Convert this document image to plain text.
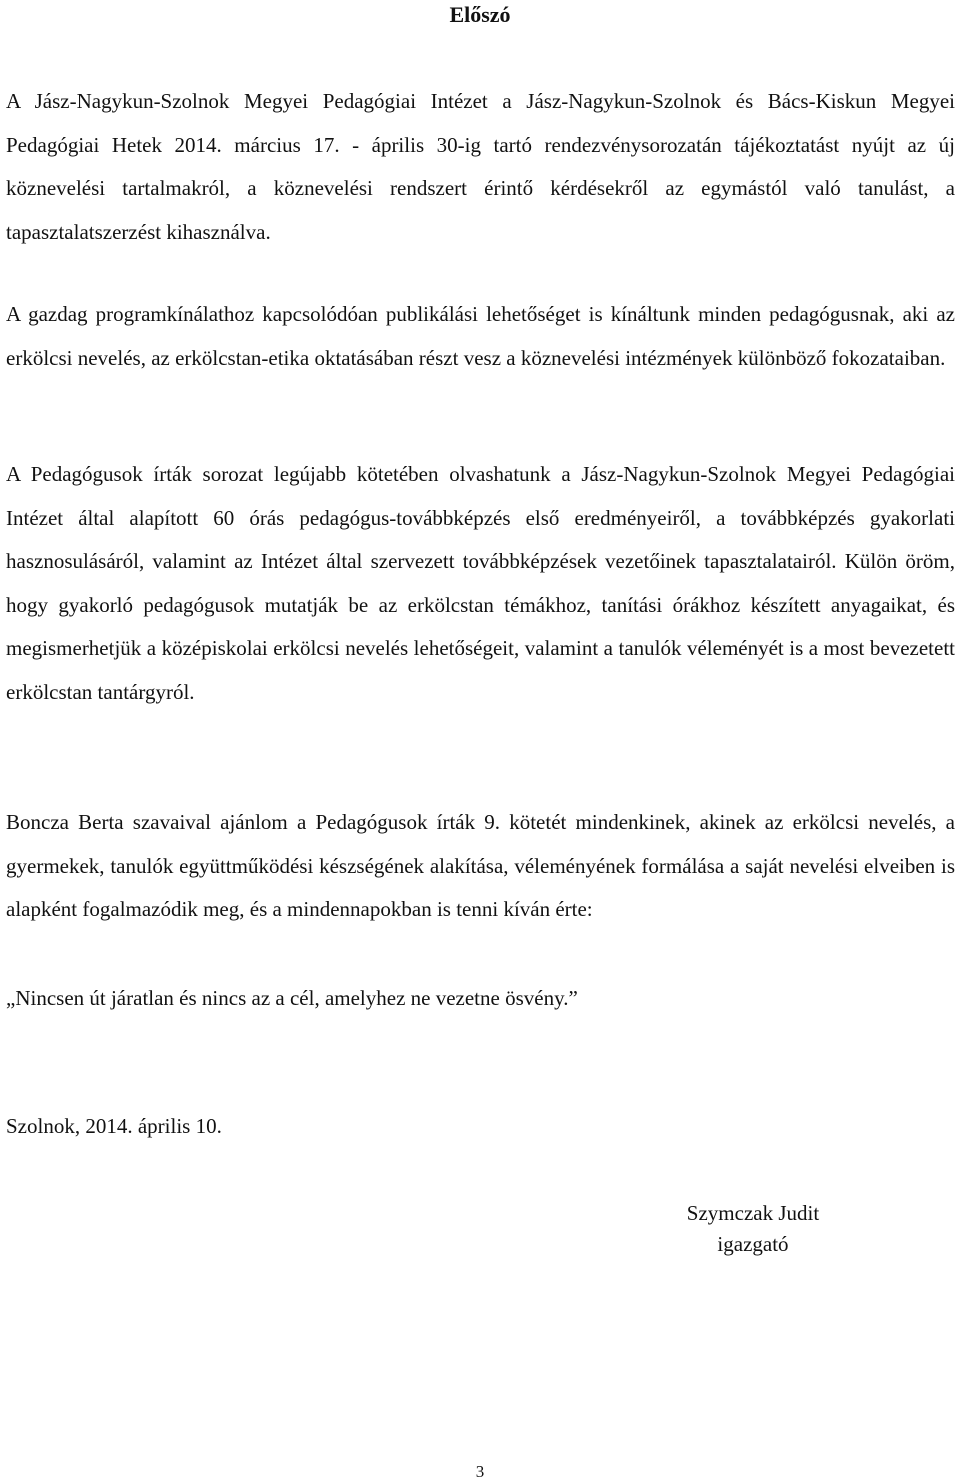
Előszó

A Jász-Nagykun-Szolnok Megyei Pedagógiai Intézet a Jász-Nagykun-Szolnok és Bács-Kiskun Megyei Pedagógiai Hetek 2014. március 17. - április 30-ig tartó rendezvénysorozatán tájékoztatást nyújt az új köznevelési tartalmakról, a köznevelési rendszert érintő kérdésekről az egymástól való tanulást, a tapasztalatszerzést kihasználva.

A gazdag programkínálathoz kapcsolódóan publikálási lehetőséget is kínáltunk minden pedagógusnak, aki az erkölcsi nevelés, az erkölcstan-etika oktatásában részt vesz a köznevelési intézmények különböző fokozataiban.

A Pedagógusok írták sorozat legújabb kötetében olvashatunk a Jász-Nagykun-Szolnok Megyei Pedagógiai Intézet által alapított 60 órás pedagógus-továbbképzés első eredményeiről, a továbbképzés gyakorlati hasznosulásáról, valamint az Intézet által szervezett továbbképzések vezetőinek tapasztalatairól. Külön öröm, hogy gyakorló pedagógusok mutatják be az erkölcstan témákhoz, tanítási órákhoz készített anyagaikat, és megismerhetjük a középiskolai erkölcsi nevelés lehetőségeit, valamint a tanulók véleményét is a most bevezetett erkölcstan tantárgyról.

Boncza Berta szavaival ajánlom a Pedagógusok írták 9. kötetét mindenkinek, akinek az erkölcsi nevelés, a gyermekek, tanulók együttműködési készségének alakítása, véleményének formálása a saját nevelési elveiben is alapként fogalmazódik meg, és a mindennapokban is tenni kíván érte:

„Nincsen út járatlan és nincs az a cél, amelyhez ne vezetne ösvény.”
Szolnok, 2014. április 10.
Szymczak Judit
igazgató
3
